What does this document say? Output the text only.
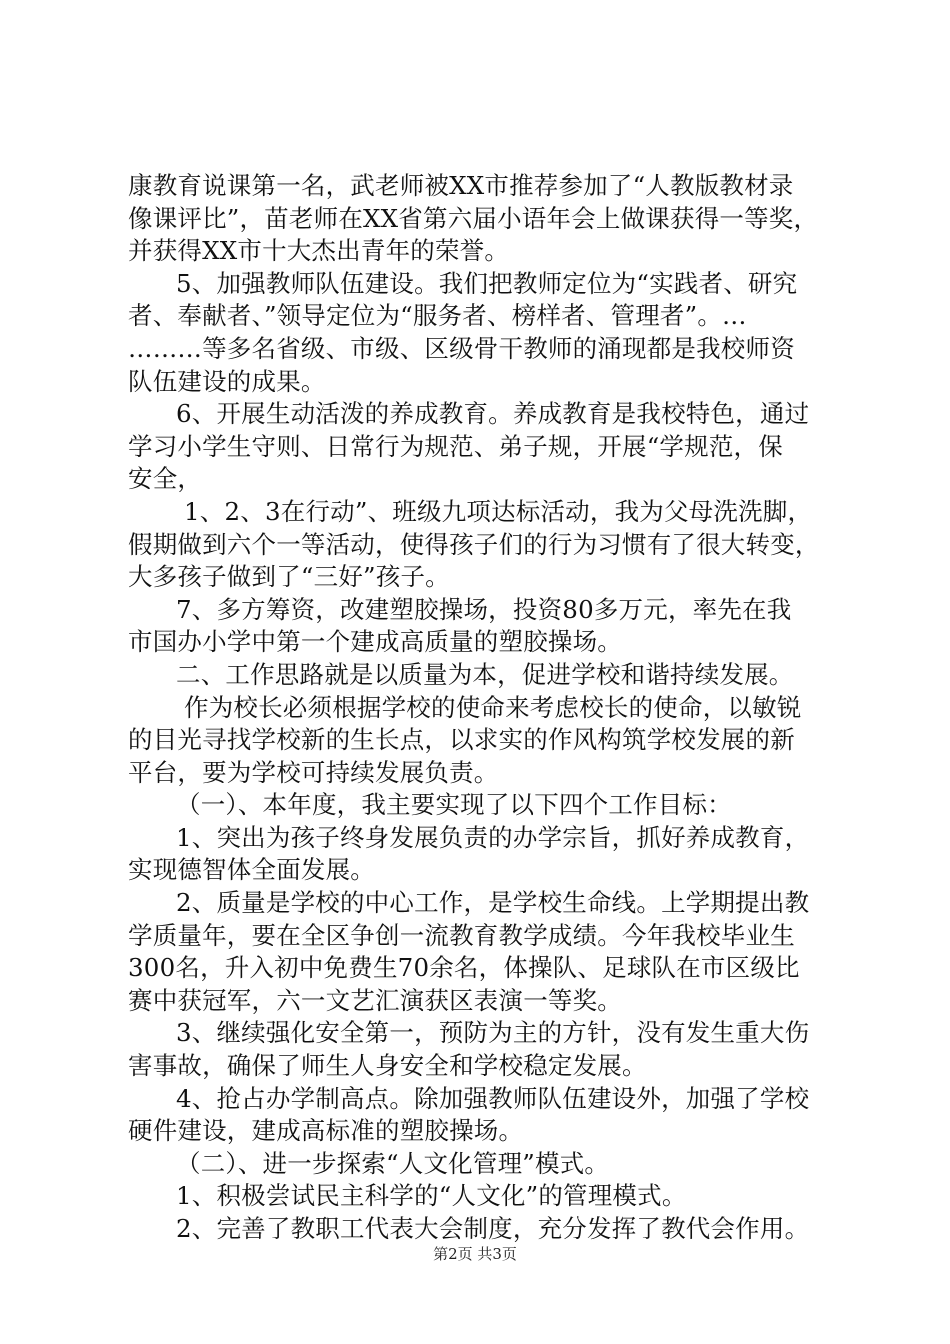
康教育说课第一名，武老师被XX市推荐参加了“人教版教材录
像课评比”，苗老师在XX省第六届小语年会上做课获得一等奖，
并获得XX市十大杰出青年的荣誉。
5、加强教师队伍建设。我们把教师定位为“实践者、研究
者、奉献者、”领导定位为“服务者、榜样者、管理者”。…
………等多名省级、市级、区级骨干教师的涌现都是我校师资
队伍建设的成果。
6、开展生动活泼的养成教育。养成教育是我校特色，通过
学习小学生守则、日常行为规范、弟子规，开展“学规范，保
安全，
1、2、3在行动”、班级九项达标活动，我为父母洗洗脚，
假期做到六个一等活动，使得孩子们的行为习惯有了很大转变，
大多孩子做到了“三好”孩子。
7、多方筹资，改建塑胶操场，投资80多万元，率先在我
市国办小学中第一个建成高质量的塑胶操场。
二、工作思路就是以质量为本，促进学校和谐持续发展。
作为校长必须根据学校的使命来考虑校长的使命，以敏锐
的目光寻找学校新的生长点，以求实的作风构筑学校发展的新
平台，要为学校可持续发展负责。
（一）、本年度，我主要实现了以下四个工作目标：
1、突出为孩子终身发展负责的办学宗旨，抓好养成教育，
实现德智体全面发展。
2、质量是学校的中心工作，是学校生命线。上学期提出教
学质量年，要在全区争创一流教育教学成绩。今年我校毕业生
300名，升入初中免费生70余名，体操队、足球队在市区级比
赛中获冠军，六一文艺汇演获区表演一等奖。
3、继续强化安全第一，预防为主的方针，没有发生重大伤
害事故，确保了师生人身安全和学校稳定发展。
4、抢占办学制高点。除加强教师队伍建设外，加强了学校
硬件建设，建成高标准的塑胶操场。
（二）、进一步探索“人文化管理”模式。
1、积极尝试民主科学的“人文化”的管理模式。
2、完善了教职工代表大会制度，充分发挥了教代会作用。
第2页 共3页
